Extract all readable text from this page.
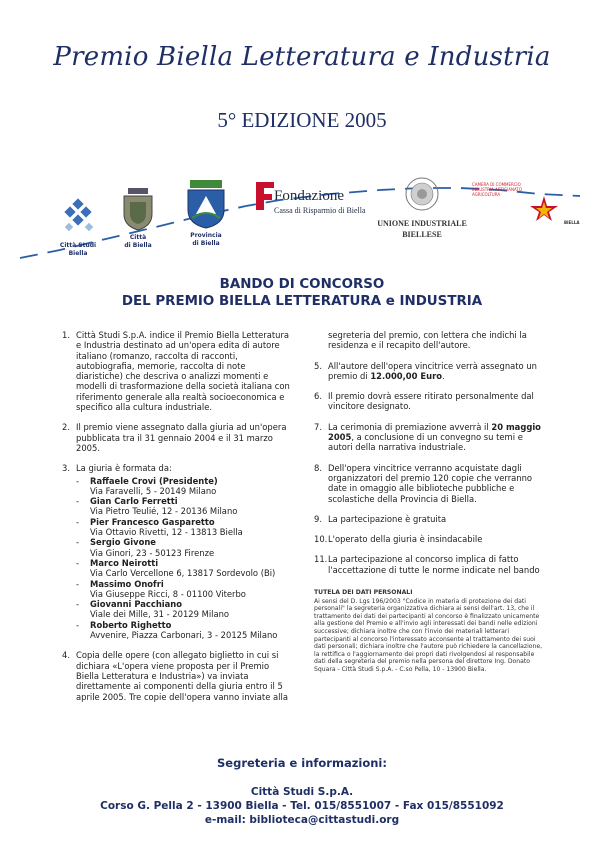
Premio Biella Letteratura e Industria
5° EDIZIONE 2005
Città Studi Biella
Città
di Biella
Provincia
di Biella
Fondazione
Cassa di Risparmio di Biella
UNIONE INDUSTRIALE
BIELLESE
CAMERA DI COMMERCIO
INDUSTRIA ARTIGIANATO AGRICOLTURA
BIELLA
BANDO DI CONCORSO
DEL PREMIO BIELLA LETTERATURA e INDUSTRIA
1. Città Studi S.p.A. indice il Premio Biella Letteratura e Industria destinato ad un'opera edita di autore italiano (romanzo, raccolta di racconti, autobiografia, memorie, raccolta di note diaristiche) che descriva o analizzi momenti e modelli di trasformazione della società italiana con riferimento generale alla realtà socioeconomica e specifico alla cultura industriale.
2. Il premio viene assegnato dalla giuria ad un'opera pubblicata tra il 31 gennaio 2004 e il 31 marzo 2005.
3. La giuria è formata da:
-	Raffaele Crovi (Presidente)
Via Faravelli, 5 - 20149 Milano
-	Gian Carlo Ferretti
Via Pietro Teulié, 12 - 20136 Milano
-	Pier Francesco Gasparetto
Via Ottavio Rivetti, 12 - 13813 Biella
-	Sergio Givone
Via Ginori, 23 - 50123 Firenze
-	Marco Neirotti
Via Carlo Vercellone 6, 13817 Sordevolo (Bi)
-	Massimo Onofri
Via Giuseppe Ricci, 8 - 01100 Viterbo
-	Giovanni Pacchiano
Viale dei Mille, 31 - 20129 Milano
-	Roberto Righetto
Avvenire, Piazza Carbonari, 3 - 20125 Milano
4. Copia delle opere (con allegato biglietto in cui si dichiara «L'opera viene proposta per il Premio Biella Letteratura e Industria») va inviata direttamente ai componenti della giuria entro il 5 aprile 2005. Tre copie dell'opera vanno inviate alla
segreteria del premio, con lettera che indichi la residenza e il recapito dell'autore.
5. All'autore dell'opera vincitrice verrà assegnato un premio di 12.000,00 Euro.
6. Il premio dovrà essere ritirato personalmente dal vincitore designato.
7. La cerimonia di premiazione avverrà il 20 maggio 2005, a conclusione di un convegno su temi e autori della narrativa industriale.
8. Dell'opera vincitrice verranno acquistate dagli organizzatori del premio 120 copie che verranno date in omaggio alle biblioteche pubbliche e scolastiche della Provincia di Biella.
9. La partecipazione è gratuita
10. L'operato della giuria è insindacabile
11. La partecipazione al concorso implica di fatto l'accettazione di tutte le norme indicate nel bando
TUTELA DEI DATI PERSONALI
Ai sensi del D. Lgs 196/2003 "Codice in materia di protezione dei dati personali" la segreteria organizzativa dichiara ai sensi dell'art. 13, che il trattamento dei dati dei partecipanti al concorso è finalizzato unicamente alla gestione del Premio e all'invio agli interessati dei bandi nelle edizioni successive; dichiara inoltre che con l'invio dei materiali letterari partecipanti al concorso l'interessato acconsente al trattamento dei suoi dati personali; dichiara inoltre che l'autore può richiedere la cancellazione, la rettifica o l'aggiornamento dei propri dati rivolgendosi al responsabile dati della segreteria del premio nella persona del direttore Ing. Donato Squara - Città Studi S.p.A. - C.so Pella, 10 - 13900 Biella.
Segreteria e informazioni:
Città Studi S.p.A.
Corso G. Pella 2 - 13900 Biella - Tel. 015/8551007 - Fax 015/8551092
e-mail: biblioteca@cittastudi.org
